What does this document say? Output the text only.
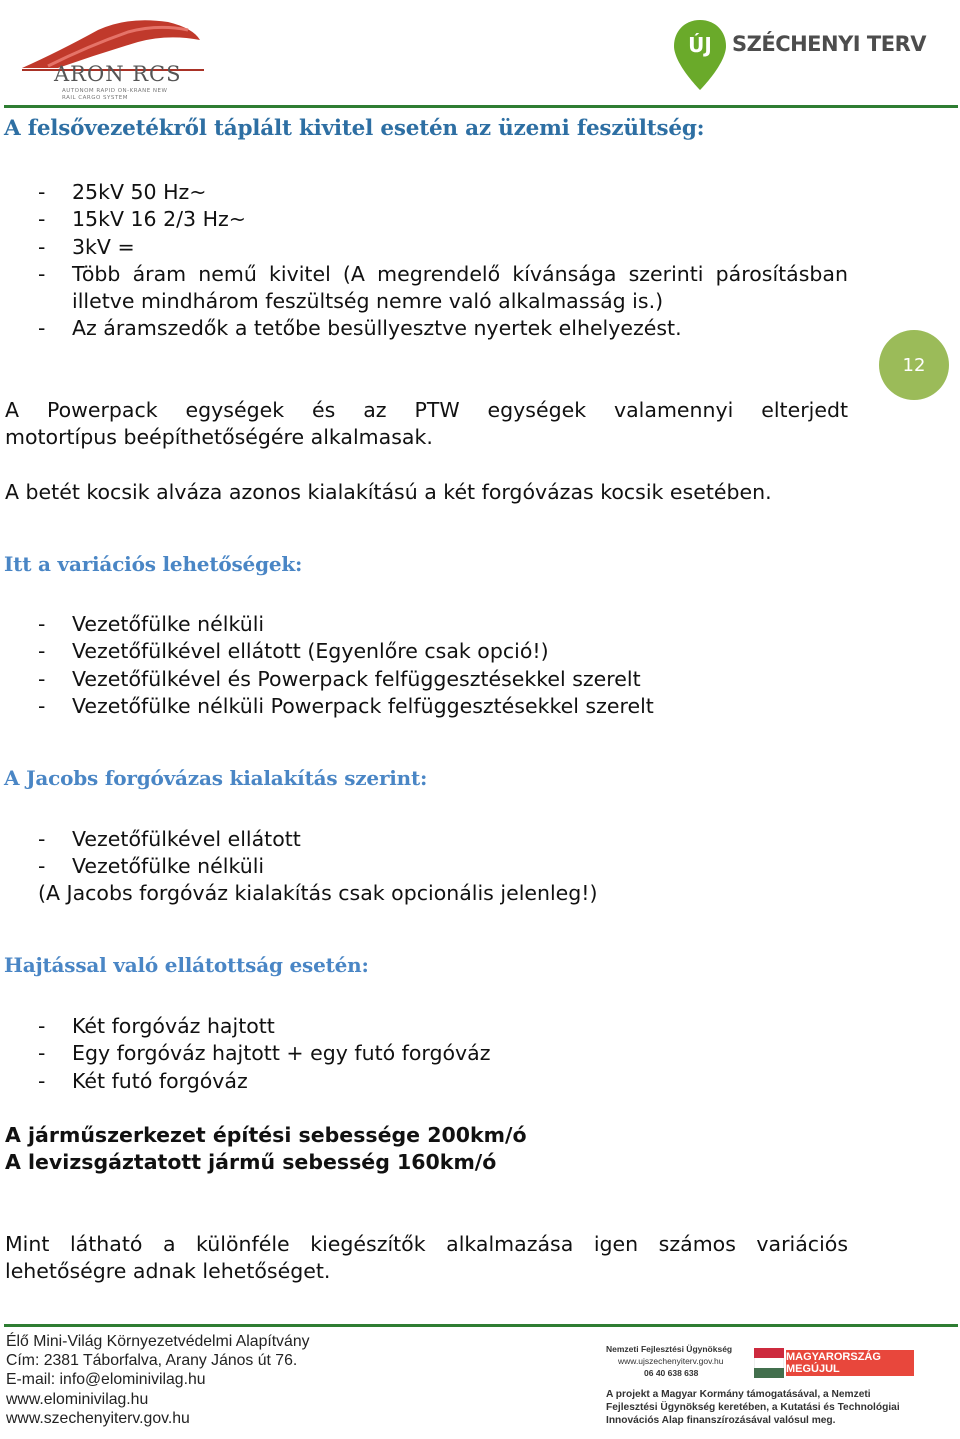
ARON RCS
AUTONOM RAPID ON-KRANE NEW RAIL CARGO SYSTEM
ÚJ SZÉCHENYI TERV
A felsővezetékről táplált kivitel esetén az üzemi feszültség:
- 25kV 50 Hz~
- 15kV 16 2/3 Hz~
- 3kV =
- Több áram nemű kivitel (A megrendelő kívánsága szerinti párosításban illetve mindhárom feszültség nemre való alkalmasság is.)
- Az áramszedők a tetőbe besüllyesztve nyertek elhelyezést.
12
A Powerpack egységek és az PTW egységek valamennyi elterjedt
motortípus beépíthetőségére alkalmasak.
A betét kocsik alváza azonos kialakítású a két forgóvázas kocsik esetében.
Itt a variációs lehetőségek:
- Vezetőfülke nélküli
- Vezetőfülkével ellátott (Egyenlőre csak opció!)
- Vezetőfülkével és Powerpack felfüggesztésekkel szerelt
- Vezetőfülke nélküli Powerpack felfüggesztésekkel szerelt
A Jacobs forgóvázas kialakítás szerint:
- Vezetőfülkével ellátott
- Vezetőfülke nélküli
(A Jacobs forgóváz kialakítás csak opcionális jelenleg!)
Hajtással való ellátottság esetén:
- Két forgóváz hajtott
- Egy forgóváz hajtott + egy futó forgóváz
- Két futó forgóváz
A járműszerkezet építési sebessége 200km/ó
A levizsgáztatott jármű sebesség 160km/ó
Mint látható a különféle kiegészítők alkalmazása igen számos variációs
lehetőségre adnak lehetőséget.
Élő Mini-Világ Környezetvédelmi Alapítvány
Cím: 2381 Táborfalva, Arany János út 76.
E-mail: info@elominivilag.hu
www.elominivilag.hu
www.szechenyiterv.gov.hu
Nemzeti Fejlesztési Ügynökség
www.ujszechenyiterv.gov.hu
06 40 638 638
MAGYARORSZÁG MEGÚJUL
A projekt a Magyar Kormány támogatásával, a Nemzeti
Fejlesztési Ügynökség keretében, a Kutatási és Technológiai
Innovációs Alap finanszírozásával valósul meg.
